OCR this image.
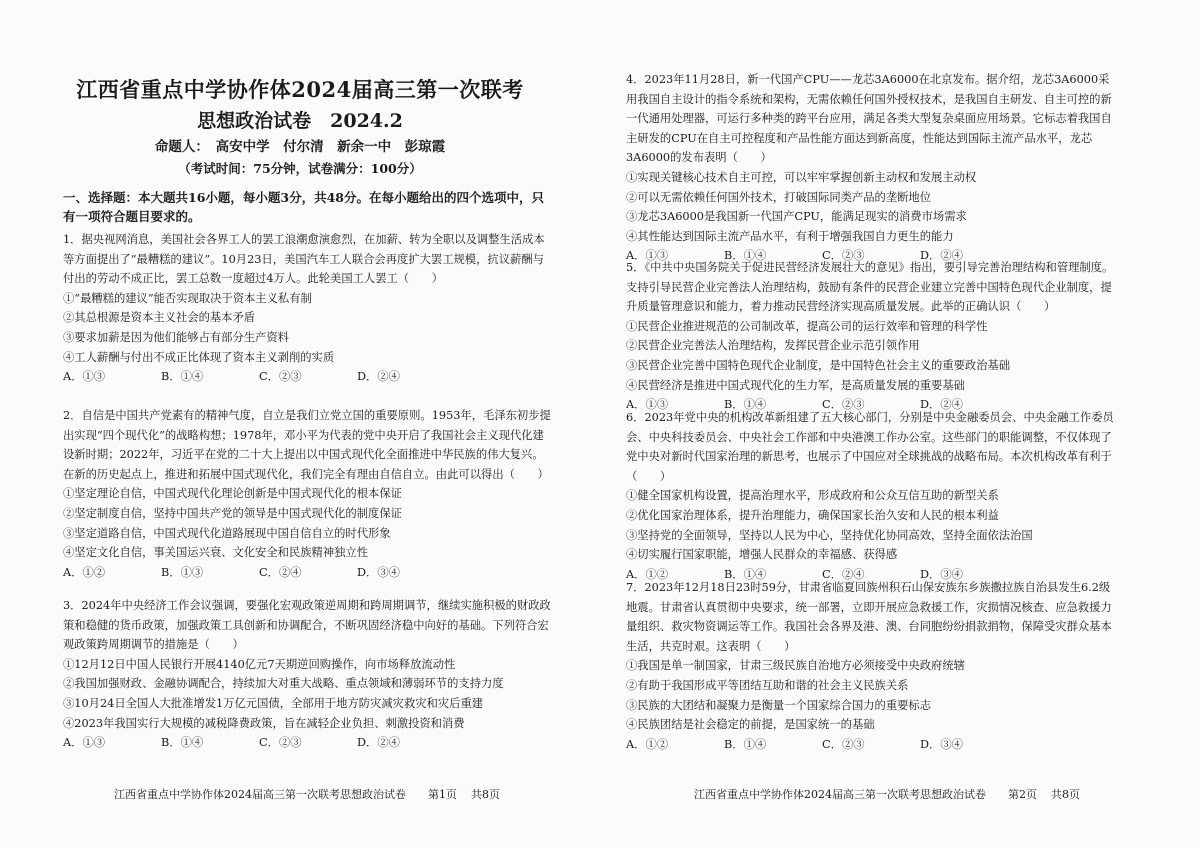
江西省重点中学协作体2024届高三第一次联考
思想政治试卷　2024.2
命题人：　高安中学　付尔清　新余一中　彭琼霞
（考试时间：75分钟，试卷满分：100分）
一、选择题：本大题共16小题，每小题3分，共48分。在每小题给出的四个选项中，只有一项符合题目要求的。
1．据央视网消息，美国社会各界工人的罢工浪潮愈演愈烈，在加薪、转为全职以及调整生活成本等方面提出了“最糟糕的建议”。10月23日，美国汽车工人联合会再度扩大罢工规模，抗议薪酬与付出的劳动不成正比，罢工总数一度超过4万人。此轮美国工人罢工（　　）
①“最糟糕的建议”能否实现取决于资本主义私有制
②其总根源是资本主义社会的基本矛盾
③要求加薪是因为他们能够占有部分生产资料
④工人薪酬与付出不成正比体现了资本主义剥削的实质
A．①③	B．①④	C．②③	D．②④
2．自信是中国共产党素有的精神气度，自立是我们立党立国的重要原则。1953年，毛泽东初步提出实现“四个现代化”的战略构想；1978年，邓小平为代表的党中央开启了我国社会主义现代化建设新时期；2022年，习近平在党的二十大上提出以中国式现代化全面推进中华民族的伟大复兴。在新的历史起点上，推进和拓展中国式现代化，我们完全有理由自信自立。由此可以得出（　　）
①坚定理论自信，中国式现代化理论创新是中国式现代化的根本保证
②坚定制度自信，坚持中国共产党的领导是中国式现代化的制度保证
③坚定道路自信，中国式现代化道路展现中国自信自立的时代形象
④坚定文化自信，事关国运兴衰、文化安全和民族精神独立性
A．①②	B．①③	C．②④	D．③④
3．2024年中央经济工作会议强调，要强化宏观政策逆周期和跨周期调节，继续实施积极的财政政策和稳健的货币政策，加强政策工具创新和协调配合，不断巩固经济稳中向好的基础。下列符合宏观政策跨周期调节的措施是（　　）
①12月12日中国人民银行开展4140亿元7天期逆回购操作，向市场释放流动性
②我国加强财政、金融协调配合，持续加大对重大战略、重点领域和薄弱环节的支持力度
③10月24日全国人大批准增发1万亿元国债，全部用于地方防灾减灾救灾和灾后重建
④2023年我国实行大规模的减税降费政策，旨在减轻企业负担、刺激投资和消费
A．①③	B．①④	C．②③	D．②④
江西省重点中学协作体2024届高三第一次联考思想政治试卷 第1页 共8页
4．2023年11月28日，新一代国产CPU——龙芯3A6000在北京发布。据介绍，龙芯3A6000采用我国自主设计的指令系统和架构，无需依赖任何国外授权技术，是我国自主研发、自主可控的新一代通用处理器，可运行多种类的跨平台应用，满足各类大型复杂桌面应用场景。它标志着我国自主研发的CPU在自主可控程度和产品性能方面达到新高度，性能达到国际主流产品水平，龙芯3A6000的发布表明（　　）
①实现关键核心技术自主可控，可以牢牢掌握创新主动权和发展主动权
②可以无需依赖任何国外技术，打破国际同类产品的垄断地位
③龙芯3A6000是我国新一代国产CPU，能满足现实的消费市场需求
④其性能达到国际主流产品水平，有利于增强我国自力更生的能力
A．①③	B．①④	C．②③	D．②④
5．《中共中央国务院关于促进民营经济发展壮大的意见》指出，要引导完善治理结构和管理制度。支持引导民营企业完善法人治理结构，鼓励有条件的民营企业建立完善中国特色现代企业制度，提升质量管理意识和能力，着力推动民营经济实现高质量发展。此举的正确认识（　　）
①民营企业推进规范的公司制改革，提高公司的运行效率和管理的科学性
②民营企业完善法人治理结构，发挥民营企业示范引领作用
③民营企业完善中国特色现代企业制度，是中国特色社会主义的重要政治基础
④民营经济是推进中国式现代化的生力军，是高质量发展的重要基础
A．①③	B．①④	C．②③	D．②④
6．2023年党中央的机构改革新组建了五大核心部门，分别是中央金融委员会、中央金融工作委员会、中央科技委员会、中央社会工作部和中央港澳工作办公室。这些部门的职能调整，不仅体现了党中央对新时代国家治理的新思考，也展示了中国应对全球挑战的战略布局。本次机构改革有利于（　　）
①健全国家机构设置，提高治理水平，形成政府和公众互信互助的新型关系
②优化国家治理体系，提升治理能力，确保国家长治久安和人民的根本利益
③坚持党的全面领导，坚持以人民为中心，坚持优化协同高效，坚持全面依法治国
④切实履行国家职能，增强人民群众的幸福感、获得感
A．①②	B．①④	C．②④	D．③④
7．2023年12月18日23时59分，甘肃省临夏回族州积石山保安族东乡族撒拉族自治县发生6.2级地震。甘肃省认真贯彻中央要求，统一部署，立即开展应急救援工作，灾损情况核查、应急救援力量组织、救灾物资调运等工作。我国社会各界及港、澳、台同胞纷纷捐款捐物，保障受灾群众基本生活，共克时艰。这表明（　　）
①我国是单一制国家，甘肃三级民族自治地方必须接受中央政府统辖
②有助于我国形成平等团结互助和谐的社会主义民族关系
③民族的大团结和凝聚力是衡量一个国家综合国力的重要标志
④民族团结是社会稳定的前提，是国家统一的基础
A．①②	B．①④	C．②③	D．③④
江西省重点中学协作体2024届高三第一次联考思想政治试卷 第2页 共8页
